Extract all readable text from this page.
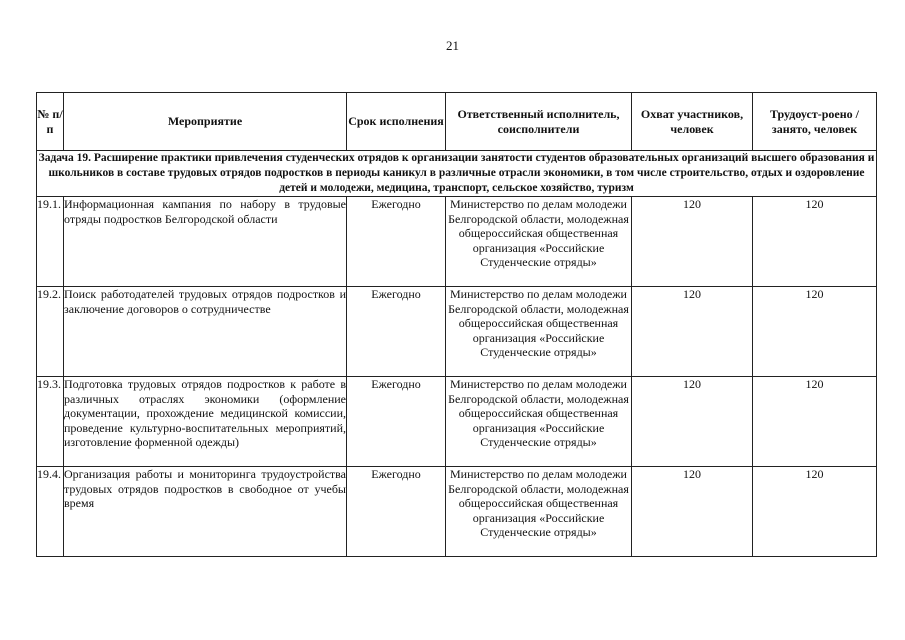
21
№ п/п	Мероприятие	Срок исполнения	Ответственный исполнитель, соисполнители	Охват участников, человек	Трудоуст-роено / занято, человек
Задача 19. Расширение практики привлечения студенческих отрядов к организации занятости студентов образовательных организаций высшего образования и школьников в составе трудовых отрядов подростков в периоды каникул в различные отрасли экономики, в том числе строительство, отдых и оздоровление детей и молодежи, медицина, транспорт, сельское хозяйство, туризм					
19.1.	Информационная кампания по набору в трудовые отряды подростков Белгородской области	Ежегодно	Министерство по делам молодежи Белгородской области, молодежная общероссийская общественная организация «Российские Студенческие отряды»	120	120
19.2.	Поиск работодателей трудовых отрядов подростков и заключение договоров о сотрудничестве	Ежегодно	Министерство по делам молодежи Белгородской области, молодежная общероссийская общественная организация «Российские Студенческие отряды»	120	120
19.3.	Подготовка трудовых отрядов подростков к работе в различных отраслях экономики (оформление документации, прохождение медицинской комиссии, проведение культурно-воспитательных мероприятий, изготовление форменной одежды)	Ежегодно	Министерство по делам молодежи Белгородской области, молодежная общероссийская общественная организация «Российские Студенческие отряды»	120	120
19.4.	Организация работы и мониторинга трудоустройства трудовых отрядов подростков в свободное от учебы время	Ежегодно	Министерство по делам молодежи Белгородской области, молодежная общероссийская общественная организация «Российские Студенческие отряды»	120	120
